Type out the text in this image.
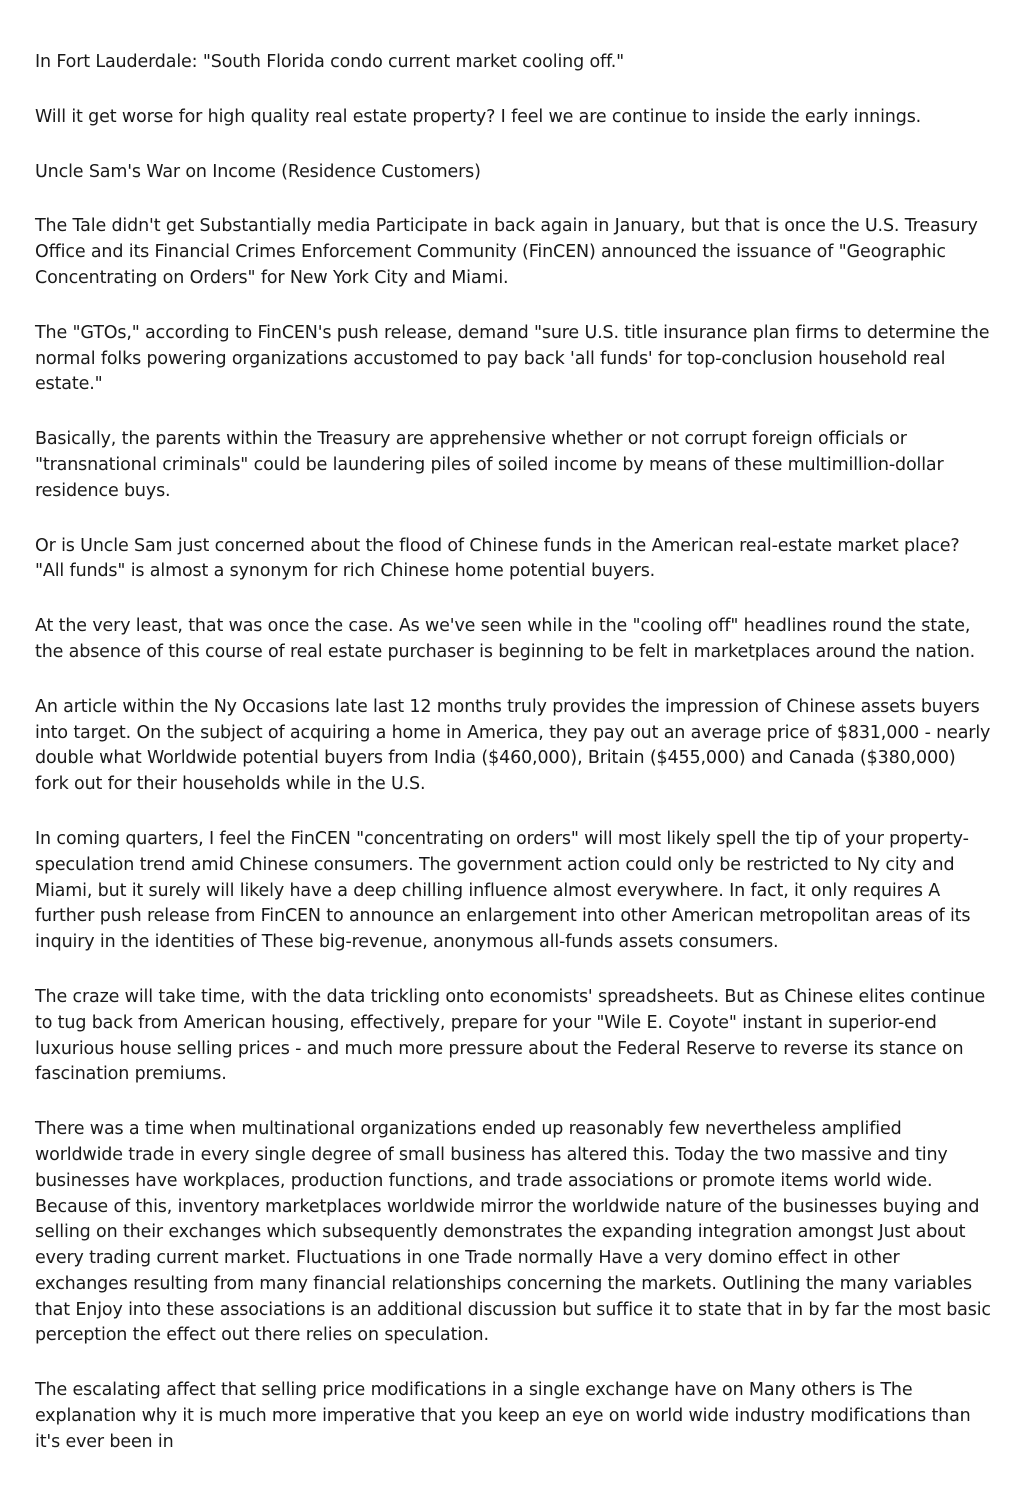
In Fort Lauderdale: "South Florida condo current market cooling off."

Will it get worse for high quality real estate property? I feel we are continue to inside the early innings.

Uncle Sam's War on Income (Residence Customers)

The Tale didn't get Substantially media Participate in back again in January, but that is once the U.S. Treasury Office and its Financial Crimes Enforcement Community (FinCEN) announced the issuance of "Geographic Concentrating on Orders" for New York City and Miami.

The "GTOs," according to FinCEN's push release, demand "sure U.S. title insurance plan firms to determine the normal folks powering organizations accustomed to pay back 'all funds' for top-conclusion household real estate."

Basically, the parents within the Treasury are apprehensive whether or not corrupt foreign officials or "transnational criminals" could be laundering piles of soiled income by means of these multimillion-dollar residence buys.

Or is Uncle Sam just concerned about the flood of Chinese funds in the American real-estate market place? "All funds" is almost a synonym for rich Chinese home potential buyers.

At the very least, that was once the case. As we've seen while in the "cooling off" headlines round the state, the absence of this course of real estate purchaser is beginning to be felt in marketplaces around the nation.

An article within the Ny Occasions late last 12 months truly provides the impression of Chinese assets buyers into target. On the subject of acquiring a home in America, they pay out an average price of $831,000 - nearly double what Worldwide potential buyers from India ($460,000), Britain ($455,000) and Canada ($380,000) fork out for their households while in the U.S.

In coming quarters, I feel the FinCEN "concentrating on orders" will most likely spell the tip of your property-speculation trend amid Chinese consumers. The government action could only be restricted to Ny city and Miami, but it surely will likely have a deep chilling influence almost everywhere. In fact, it only requires A further push release from FinCEN to announce an enlargement into other American metropolitan areas of its inquiry in the identities of These big-revenue, anonymous all-funds assets consumers.

The craze will take time, with the data trickling onto economists' spreadsheets. But as Chinese elites continue to tug back from American housing, effectively, prepare for your "Wile E. Coyote" instant in superior-end luxurious house selling prices - and much more pressure about the Federal Reserve to reverse its stance on fascination premiums.

There was a time when multinational organizations ended up reasonably few nevertheless amplified worldwide trade in every single degree of small business has altered this. Today the two massive and tiny businesses have workplaces, production functions, and trade associations or promote items world wide. Because of this, inventory marketplaces worldwide mirror the worldwide nature of the businesses buying and selling on their exchanges which subsequently demonstrates the expanding integration amongst Just about every trading current market. Fluctuations in one Trade normally Have a very domino effect in other exchanges resulting from many financial relationships concerning the markets. Outlining the many variables that Enjoy into these associations is an additional discussion but suffice it to state that in by far the most basic perception the effect out there relies on speculation.

The escalating affect that selling price modifications in a single exchange have on Many others is The explanation why it is much more imperative that you keep an eye on world wide industry modifications than it's ever been in
